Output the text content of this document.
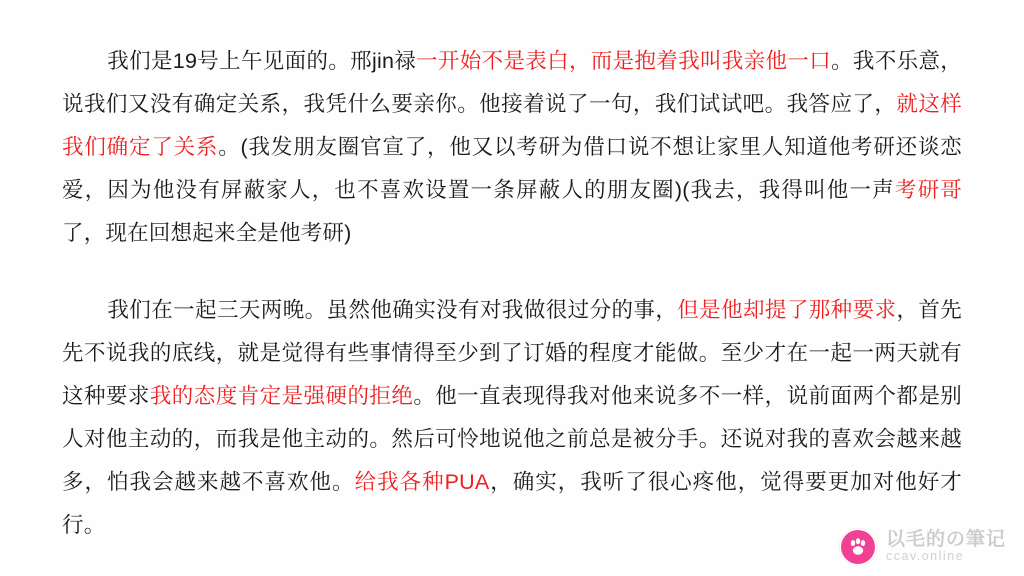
我们是19号上午见面的。邢jin禄一开始不是表白，而是抱着我叫我亲他一口。我不乐意，说我们又没有确定关系，我凭什么要亲你。他接着说了一句，我们试试吧。我答应了，就这样我们确定了关系。(我发朋友圈官宣了，他又以考研为借口说不想让家里人知道他考研还谈恋爱，因为他没有屏蔽家人，也不喜欢设置一条屏蔽人的朋友圈)(我去，我得叫他一声考研哥了，现在回想起来全是他考研)

我们在一起三天两晚。虽然他确实没有对我做很过分的事，但是他却提了那种要求，首先先不说我的底线，就是觉得有些事情得至少到了订婚的程度才能做。至少才在一起一两天就有这种要求我的态度肯定是强硬的拒绝。他一直表现得我对他来说多不一样，说前面两个都是别人对他主动的，而我是他主动的。然后可怜地说他之前总是被分手。还说对我的喜欢会越来越多，怕我会越来越不喜欢他。给我各种PUA，确实，我听了很心疼他，觉得要更加对他好才行。

以毛的の筆记
ccav.online
